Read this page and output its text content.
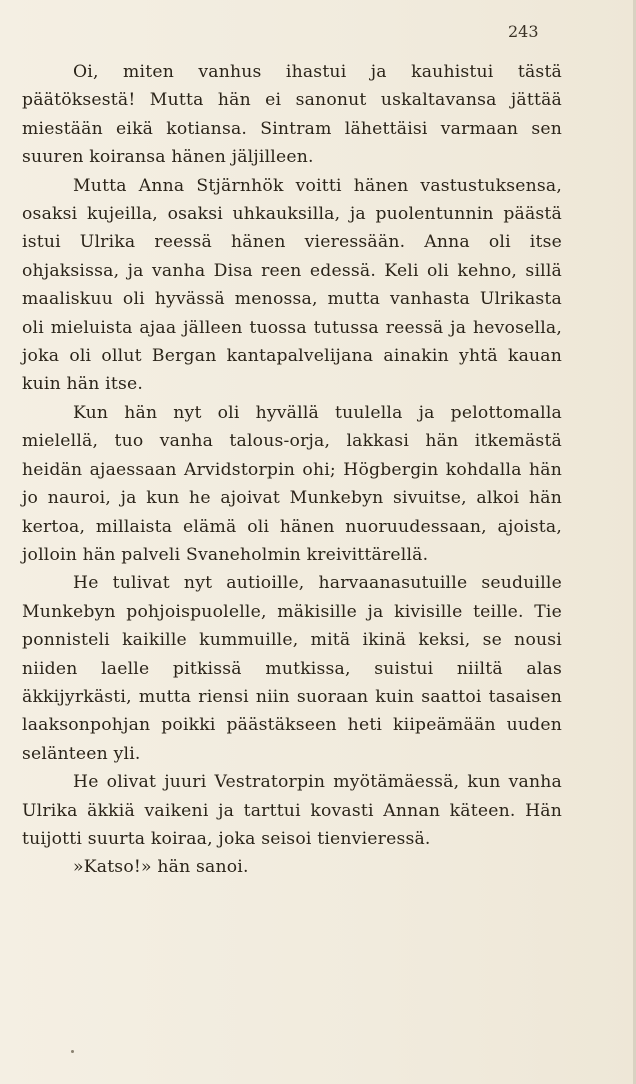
243

Oi, miten vanhus ihastui ja kauhistui tästä päätöksestä! Mutta hän ei sanonut uskaltavansa jättää miestään eikä kotiansa. Sintram lähettäisi varmaan sen suuren koiransa hänen jäljilleen.

Mutta Anna Stjärnhök voitti hänen vastustuksensa, osaksi kujeilla, osaksi uhkauksilla, ja puolentunnin päästä istui Ulrika reessä hänen vieressään. Anna oli itse ohjaksissa, ja vanha Disa reen edessä. Keli oli kehno, sillä maaliskuu oli hyvässä menossa, mutta vanhasta Ulrikasta oli mieluista ajaa jälleen tuossa tutussa reessä ja hevosella, joka oli ollut Bergan kantapalvelijana ainakin yhtä kauan kuin hän itse.

Kun hän nyt oli hyvällä tuulella ja pelottomalla mielellä, tuo vanha talous-orja, lakkasi hän itkemästä heidän ajaessaan Arvidstorpin ohi; Högbergin kohdalla hän jo nauroi, ja kun he ajoivat Munkebyn sivuitse, alkoi hän kertoa, millaista elämä oli hänen nuoruudessaan, ajoista, jolloin hän palveli Svaneholmin kreivittärellä.

He tulivat nyt autioille, harvaanasutuille seuduille Munkebyn pohjoispuolelle, mäkisille ja kivisille teille. Tie ponnisteli kaikille kummuille, mitä ikinä keksi, se nousi niiden laelle pitkissä mutkissa, suistui niiltä alas äkkijyrkästi, mutta riensi niin suoraan kuin saattoi tasaisen laaksonpohjan poikki päästäkseen heti kiipeämään uuden selänteen yli.

He olivat juuri Vestratorpin myötämäessä, kun vanha Ulrika äkkiä vaikeni ja tarttui kovasti Annan käteen. Hän tuijotti suurta koiraa, joka seisoi tienvieressä.

»Katso!» hän sanoi.
